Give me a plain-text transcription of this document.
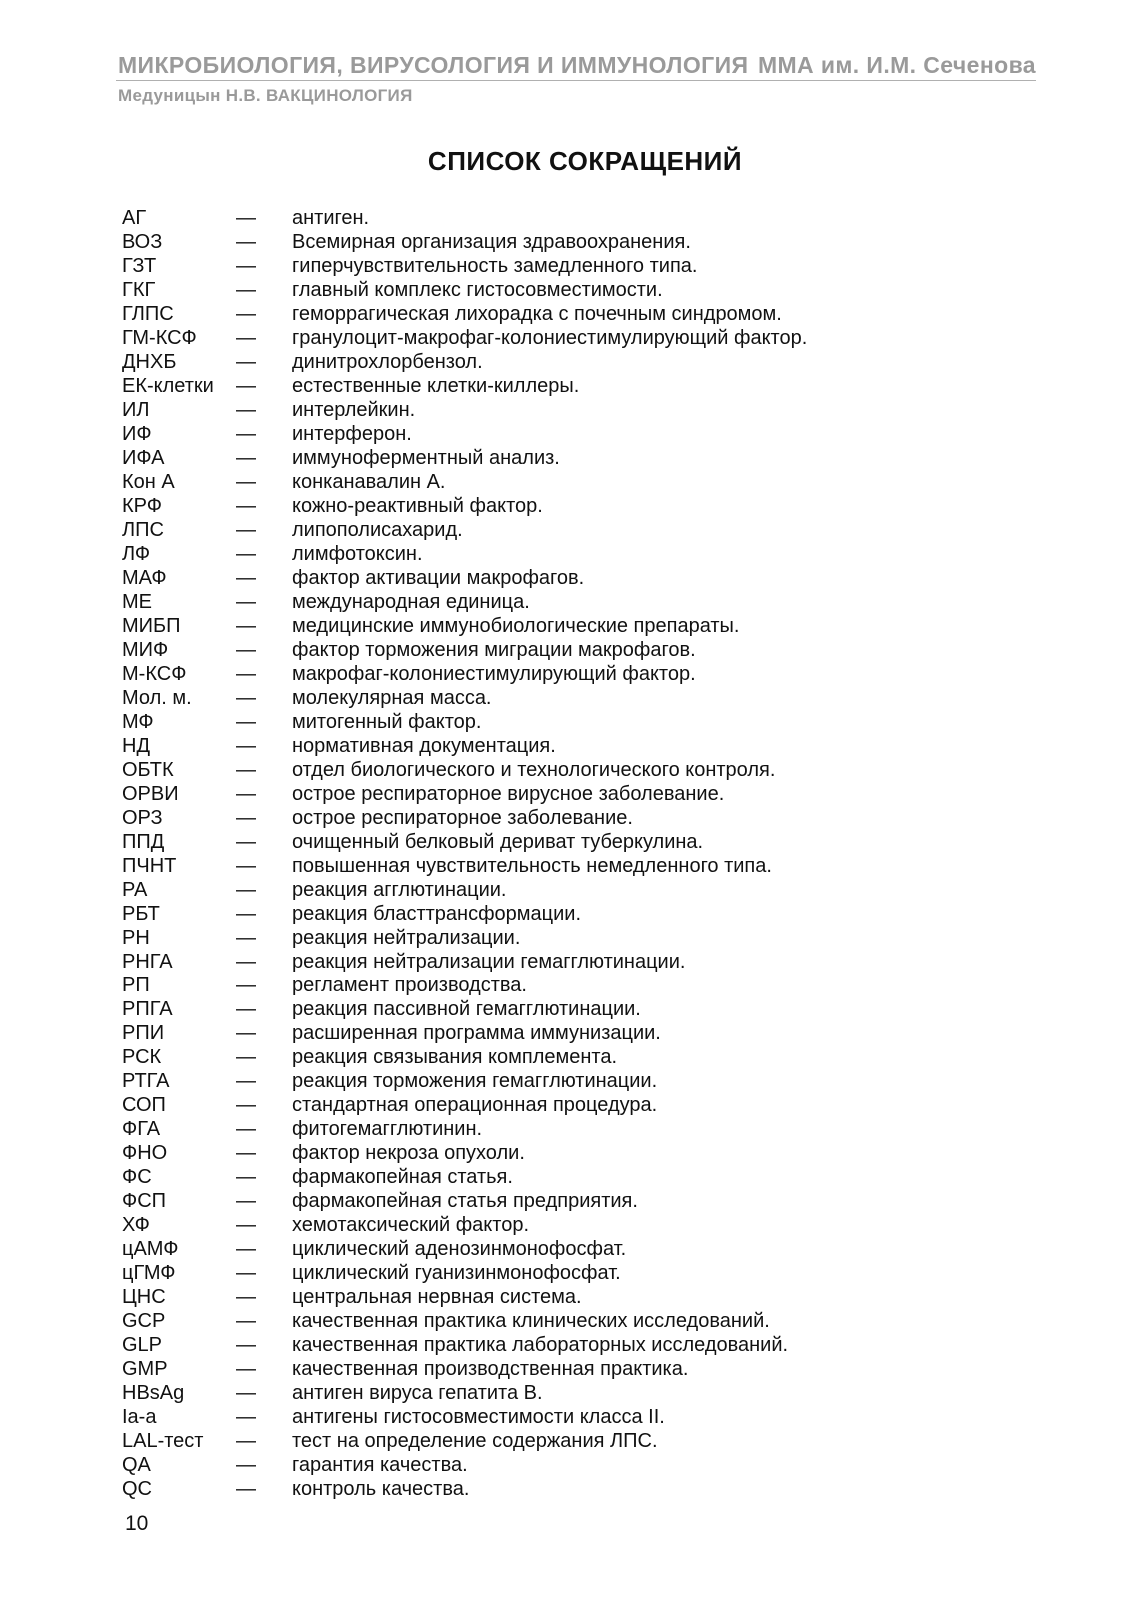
МИКРОБИОЛОГИЯ, ВИРУСОЛОГИЯ И ИММУНОЛОГИЯ ММА им. И.М. Сеченова
Медуницын Н.В. ВАКЦИНОЛОГИЯ
СПИСОК СОКРАЩЕНИЙ
АГ	—	антиген.
ВОЗ	—	Всемирная организация здравоохранения.
ГЗТ	—	гиперчувствительность замедленного типа.
ГКГ	—	главный комплекс гистосовместимости.
ГЛПС	—	геморрагическая лихорадка с почечным синдромом.
ГМ-КСФ	—	гранулоцит-макрофаг-колониестимулирующий фактор.
ДНХБ	—	динитрохлорбензол.
ЕК-клетки	—	естественные клетки-киллеры.
ИЛ	—	интерлейкин.
ИФ	—	интерферон.
ИФА	—	иммуноферментный анализ.
Кон А	—	конканавалин А.
КРФ	—	кожно-реактивный фактор.
ЛПС	—	липополисахарид.
ЛФ	—	лимфотоксин.
МАФ	—	фактор активации макрофагов.
МЕ	—	международная единица.
МИБП	—	медицинские иммунобиологические препараты.
МИФ	—	фактор торможения миграции макрофагов.
М-КСФ	—	макрофаг-колониестимулирующий фактор.
Мол. м.	—	молекулярная масса.
МФ	—	митогенный фактор.
НД	—	нормативная документация.
ОБТК	—	отдел биологического и технологического контроля.
ОРВИ	—	острое респираторное вирусное заболевание.
ОРЗ	—	острое респираторное заболевание.
ППД	—	очищенный белковый дериват туберкулина.
ПЧНТ	—	повышенная чувствительность немедленного типа.
РА	—	реакция агглютинации.
РБТ	—	реакция бласттрансформации.
РН	—	реакция нейтрализации.
РНГА	—	реакция нейтрализации гемагглютинации.
РП	—	регламент производства.
РПГА	—	реакция пассивной гемагглютинации.
РПИ	—	расширенная программа иммунизации.
РСК	—	реакция связывания комплемента.
РТГА	—	реакция торможения гемагглютинации.
СОП	—	стандартная операционная процедура.
ФГА	—	фитогемагглютинин.
ФНО	—	фактор некроза опухоли.
ФС	—	фармакопейная статья.
ФСП	—	фармакопейная статья предприятия.
ХФ	—	хемотаксический фактор.
цАМФ	—	циклический аденозинмонофосфат.
цГМФ	—	циклический гуанизинмонофосфат.
ЦНС	—	центральная нервная система.
GCP	—	качественная практика клинических исследований.
GLP	—	качественная практика лабораторных исследований.
GMP	—	качественная производственная практика.
HBsAg	—	антиген вируса гепатита В.
Ia-a	—	антигены гистосовместимости класса II.
LAL-тест	—	тест на определение содержания ЛПС.
QA	—	гарантия качества.
QC	—	контроль качества.
10
